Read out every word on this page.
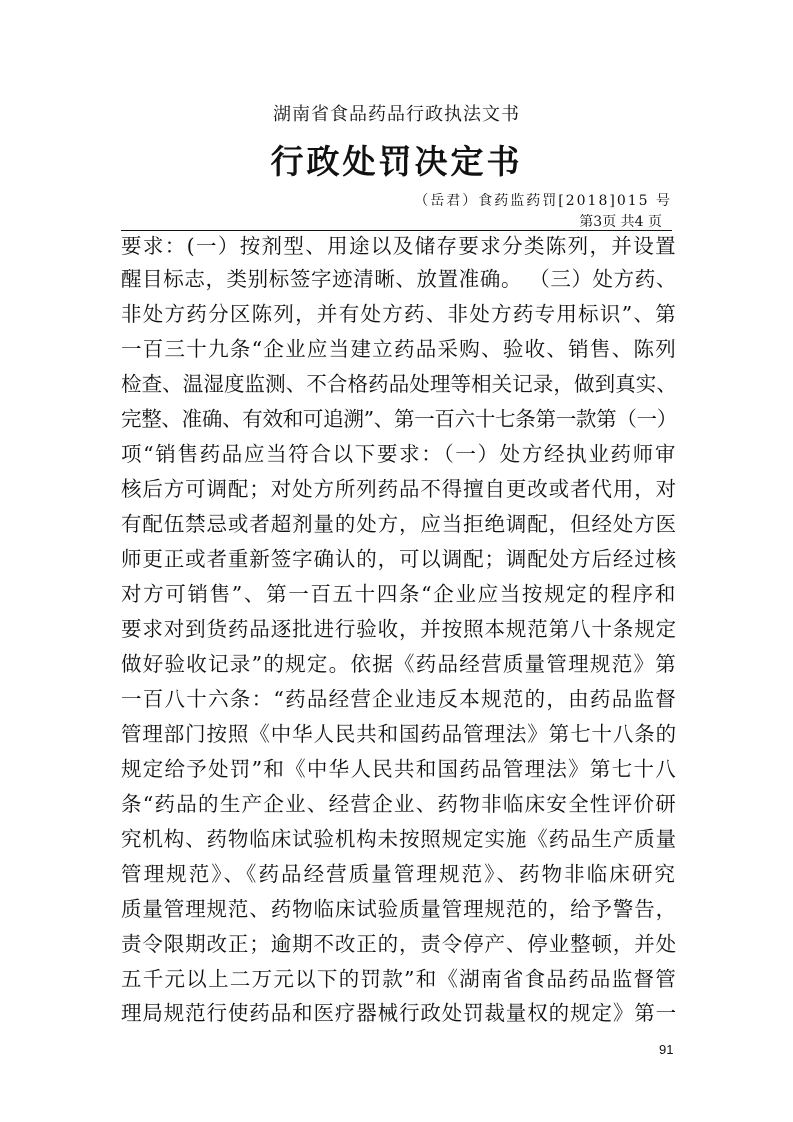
湖南省食品药品行政执法文书
行政处罚决定书
（岳君）食药监药罚[2018]015 号
第3页 共4 页
要求：(一）按剂型、用途以及储存要求分类陈列，并设置
醒目标志，类别标签字迹清晰、放置准确。 （三）处方药、
非处方药分区陈列，并有处方药、非处方药专用标识”、第
一百三十九条“企业应当建立药品采购、验收、销售、陈列
检查、温湿度监测、不合格药品处理等相关记录，做到真实、
完整、准确、有效和可追溯”、第一百六十七条第一款第（一）
项“销售药品应当符合以下要求：（一）处方经执业药师审
核后方可调配；对处方所列药品不得擅自更改或者代用，对
有配伍禁忌或者超剂量的处方，应当拒绝调配，但经处方医
师更正或者重新签字确认的，可以调配；调配处方后经过核
对方可销售”、第一百五十四条“企业应当按规定的程序和
要求对到货药品逐批进行验收，并按照本规范第八十条规定
做好验收记录”的规定。依据《药品经营质量管理规范》第
一百八十六条：“药品经营企业违反本规范的，由药品监督
管理部门按照《中华人民共和国药品管理法》第七十八条的
规定给予处罚”和《中华人民共和国药品管理法》第七十八
条“药品的生产企业、经营企业、药物非临床安全性评价研
究机构、药物临床试验机构未按照规定实施《药品生产质量
管理规范》、《药品经营质量管理规范》、药物非临床研究
质量管理规范、药物临床试验质量管理规范的，给予警告，
责令限期改正；逾期不改正的，责令停产、停业整顿，并处
五千元以上二万元以下的罚款”和《湖南省食品药品监督管
理局规范行使药品和医疗器械行政处罚裁量权的规定》第一
91
